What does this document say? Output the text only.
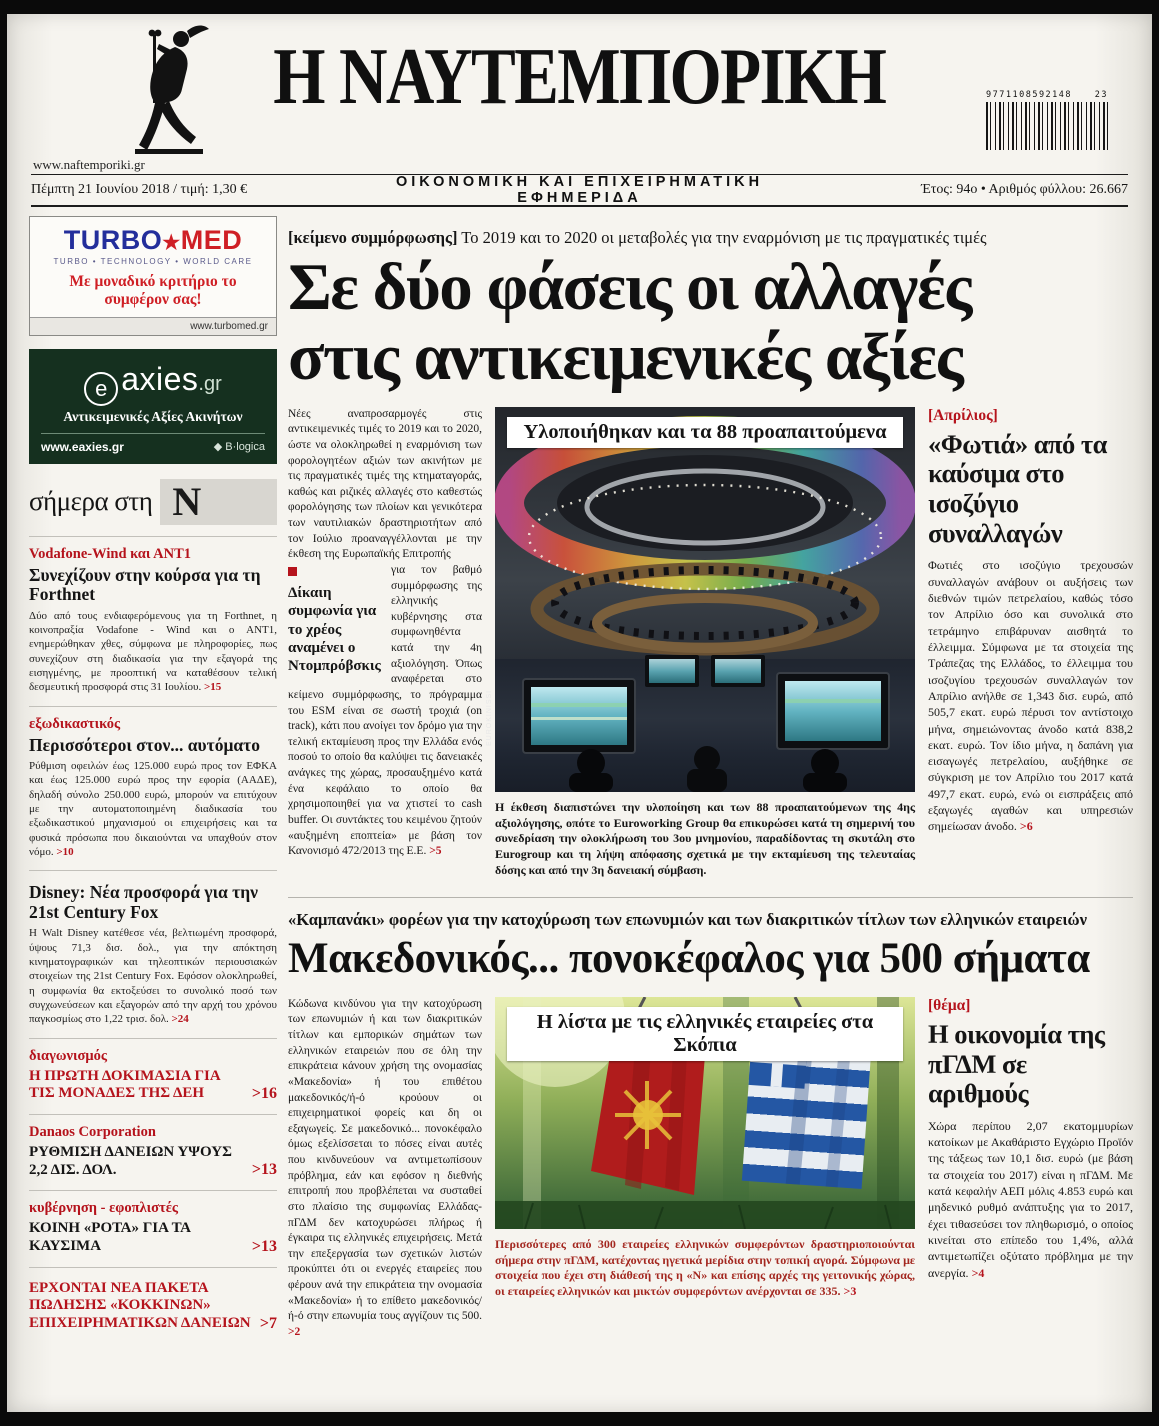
www.naftemporiki.gr
Η ΝΑΥΤΕΜΠΟΡΙΚΗ	9771108592148	23
Πέμπτη 21 Ιουνίου 2018 / τιμή: 1,30 €	ΟΙΚΟΝΟΜΙΚΗ ΚΑΙ ΕΠΙΧΕΙΡΗΜΑΤΙΚΗ ΕΦΗΜΕΡΙΔΑ
Έτος: 94ο • Αριθμός φύλλου: 26.667
TURBO★MED
TURBO • TECHNOLOGY • WORLD CARE
Με μοναδικό κριτήριο το συμφέρον σας!
www.turbomed.gr
e axies .gr
Αντικειμενικές Αξίες Ακινήτων
www.eaxies.gr	◆ B·logica
σήμερα στη N
Vodafone-Wind και ΑΝΤ1
Συνεχίζουν στην κούρσα για τη Forthnet
Δύο από τους ενδιαφερόμενους για τη Forthnet, η κοινοπραξία Vodafone - Wind και ο ΑΝΤ1, ενημερώθηκαν χθες, σύμφωνα με πληροφορίες, πως συνεχίζουν στη διαδικασία για την εξαγορά της εισηγμένης, με προοπτική να καταθέσουν τελική δεσμευτική προσφορά στις 31 Ιουλίου. >15
εξωδικαστικός
Περισσότεροι στον... αυτόματο
Ρύθμιση οφειλών έως 125.000 ευρώ προς τον ΕΦΚΑ και έως 125.000 ευρώ προς την εφορία (ΑΑΔΕ), δηλαδή σύνολο 250.000 ευρώ, μπορούν να επιτύχουν με την αυτοματοποιημένη διαδικασία του εξωδικαστικού μηχανισμού οι επιχειρήσεις και τα φυσικά πρόσωπα που δικαιούνται να υπαχθούν στον νόμο. >10
Disney: Νέα προσφορά για την 21st Century Fox
Η Walt Disney κατέθεσε νέα, βελτιωμένη προσφορά, ύψους 71,3 δισ. δολ., για την απόκτηση κινηματογραφικών και τηλεοπτικών περιουσιακών στοιχείων της 21st Century Fox. Εφόσον ολοκληρωθεί, η συμφωνία θα εκτοξεύσει το συνολικό ποσό των συγχωνεύσεων και εξαγορών από την αρχή του χρόνου παγκοσμίως στο 1,22 τρισ. δολ. >24
διαγωνισμός
Η ΠΡΩΤΗ ΔΟΚΙΜΑΣΙΑ ΓΙΑ ΤΙΣ ΜΟΝΑΔΕΣ ΤΗΣ ΔΕΗ	>16
Danaos Corporation
ΡΥΘΜΙΣΗ ΔΑΝΕΙΩΝ ΥΨΟΥΣ 2,2 ΔΙΣ. ΔΟΛ.	>13
κυβέρνηση - εφοπλιστές
ΚΟΙΝΗ «ΡΟΤΑ» ΓΙΑ ΤΑ ΚΑΥΣΙΜΑ	>13
ΕΡΧΟΝΤΑΙ ΝΕΑ ΠΑΚΕΤΑ ΠΩΛΗΣΗΣ «ΚΟΚΚΙΝΩΝ» ΕΠΙΧΕΙΡΗΜΑΤΙΚΩΝ ΔΑΝΕΙΩΝ >7
[κείμενο συμμόρφωσης] Το 2019 και το 2020 οι μεταβολές για την εναρμόνιση με τις πραγματικές τιμές
Σε δύο φάσεις οι αλλαγές
στις αντικειμενικές αξίες

Νέες αναπροσαρμογές στις αντικειμενικές τιμές το 2019 και το 2020, ώστε να ολοκληρωθεί η εναρμόνιση των φορολογητέων αξιών των ακινήτων με τις πραγματικές τιμές της κτηματαγοράς, καθώς και ριζικές αλλαγές στο καθεστώς φορολόγησης των πλοίων και γενικότερα των ναυτιλιακών δραστηριοτήτων από τον Ιούλιο προαναγγέλλονται με την έκθεση της Ευρωπαϊκής Επιτροπής

Δίκαιη συμφωνία για το χρέος αναμένει ο Ντομπρόβσκις

για τον βαθμό συμμόρφωσης της ελληνικής κυβέρνησης στα συμφωνηθέντα κατά την 4η αξιολόγηση. Όπως αναφέρεται στο κείμενο συμμόρφωσης, το πρόγραμμα του ESM είναι σε σωστή τροχιά (on track), κάτι που ανοίγει τον δρόμο για την τελική εκταμίευση προς την Ελλάδα ενός ποσού το οποίο θα καλύψει τις δανειακές ανάγκες της χώρας, προσαυξημένο κατά ένα κεφάλαιο το οποίο θα χρησιμοποιηθεί για να χτιστεί το cash buffer. Οι συντάκτες του κειμένου ζητούν «αυξημένη εποπτεία» με βάση τον Κανονισμό 472/2013 της Ε.Ε. >5

Υλοποιήθηκαν και τα 88 προαπαιτούμενα
EUROKINISSI
Η έκθεση διαπιστώνει την υλοποίηση και των 88 προαπαιτούμενων της 4ης αξιολόγησης, οπότε το Euroworking Group θα επικυρώσει κατά τη σημερινή του συνεδρίαση την ολοκλήρωση του 3ου μνημονίου, παραδίδοντας τη σκυτάλη στο Eurogroup και τη λήψη απόφασης σχετικά με την εκταμίευση της τελευταίας δόσης και από την 3η δανειακή σύμβαση.
[Απρίλιος]
«Φωτιά» από τα καύσιμα στο ισοζύγιο συναλλαγών
Φωτιές στο ισοζύγιο τρεχουσών συναλλαγών ανάβουν οι αυξήσεις των διεθνών τιμών πετρελαίου, καθώς τόσο τον Απρίλιο όσο και συνολικά στο τετράμηνο επιβάρυναν αισθητά το έλλειμμα. Σύμφωνα με τα στοιχεία της Τράπεζας της Ελλάδος, το έλλειμμα του ισοζυγίου τρεχουσών συναλλαγών τον Απρίλιο ανήλθε σε 1,343 δισ. ευρώ, από 505,7 εκατ. ευρώ πέρυσι τον αντίστοιχο μήνα, σημειώνοντας άνοδο κατά 838,2 εκατ. ευρώ. Τον ίδιο μήνα, η δαπάνη για εισαγωγές πετρελαίου, αυξήθηκε σε σύγκριση με τον Απρίλιο του 2017 κατά 497,7 εκατ. ευρώ, ενώ οι εισπράξεις από εξαγωγές αγαθών και υπηρεσιών σημείωσαν άνοδο. >6
«Καμπανάκι» φορέων για την κατοχύρωση των επωνυμιών και των διακριτικών τίτλων των ελληνικών εταιρειών
Μακεδονικός... πονοκέφαλος για 500 σήματα

Κώδωνα κινδύνου για την κατοχύρωση των επωνυμιών ή και των διακριτικών τίτλων και εμπορικών σημάτων των ελληνικών εταιρειών που σε όλη την επικράτεια κάνουν χρήση της ονομασίας «Μακεδονία» ή του επιθέτου μακεδονικός/ή-ό κρούουν οι επιχειρηματικοί φορείς και δη οι εξαγωγείς. Σε μακεδονικό... πονοκέφαλο όμως εξελίσσεται το πόσες είναι αυτές που κινδυνεύουν να αντιμετωπίσουν πρόβλημα, εάν και εφόσον η διεθνής επιτροπή που προβλέπεται να συσταθεί στο πλαίσιο της συμφωνίας Ελλάδας-πΓΔΜ δεν κατοχυρώσει πλήρως ή έγκαιρα τις ελληνικές επιχειρήσεις. Μετά την επεξεργασία των σχετικών λιστών προκύπτει ότι οι ενεργές εταιρείες που φέρουν ανά την επικράτεια την ονομασία «Μακεδονία» ή το επίθετο μακεδονικός/ή-ό στην επωνυμία τους αγγίζουν τις 500. >2

Η λίστα με τις ελληνικές εταιρείες στα Σκόπια
Περισσότερες από 300 εταιρείες ελληνικών συμφερόντων δραστηριοποιούνται σήμερα στην πΓΔΜ, κατέχοντας ηγετικά μερίδια στην τοπική αγορά. Σύμφωνα με στοιχεία που έχει στη διάθεσή της η «Ν» και επίσης αρχές της γειτονικής χώρας, οι εταιρείες ελληνικών και μικτών συμφερόντων ανέρχονται σε 335. >3
[θέμα]
Η οικονομία της πΓΔΜ σε αριθμούς
Χώρα περίπου 2,07 εκατομμυρίων κατοίκων με Ακαθάριστο Εγχώριο Προϊόν της τάξεως των 10,1 δισ. ευρώ (με βάση τα στοιχεία του 2017) είναι η πΓΔΜ. Με κατά κεφαλήν ΑΕΠ μόλις 4.853 ευρώ και μηδενικό ρυθμό ανάπτυξης για το 2017, έχει τιθασεύσει τον πληθωρισμό, ο οποίος κινείται στο επίπεδο του 1,4%, αλλά αντιμετωπίζει οξύτατο πρόβλημα με την ανεργία. >4
